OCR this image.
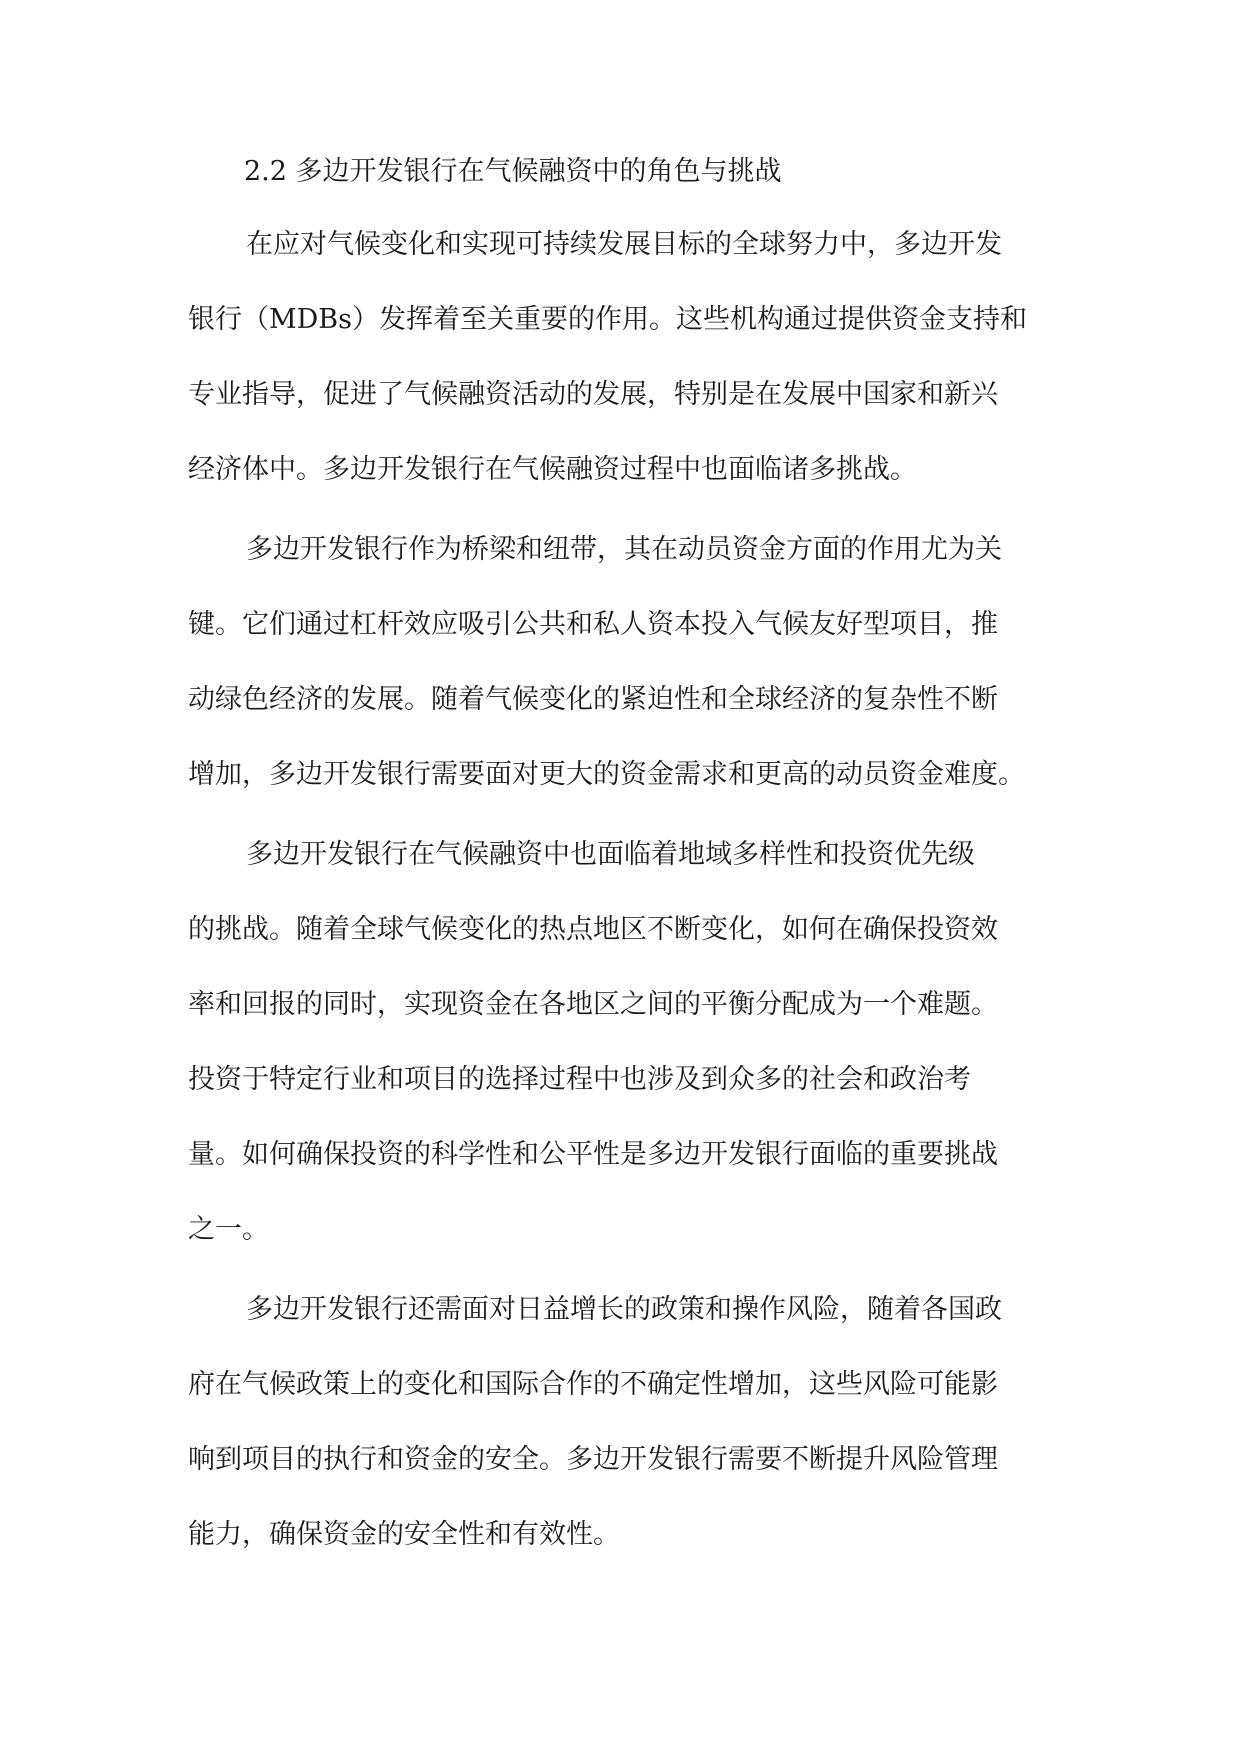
2.2 多边开发银行在气候融资中的角色与挑战
在应对气候变化和实现可持续发展目标的全球努力中，多边开发
银行（MDBs）发挥着至关重要的作用。这些机构通过提供资金支持和
专业指导，促进了气候融资活动的发展，特别是在发展中国家和新兴
经济体中。多边开发银行在气候融资过程中也面临诸多挑战。
多边开发银行作为桥梁和纽带，其在动员资金方面的作用尤为关
键。它们通过杠杆效应吸引公共和私人资本投入气候友好型项目，推
动绿色经济的发展。随着气候变化的紧迫性和全球经济的复杂性不断
增加，多边开发银行需要面对更大的资金需求和更高的动员资金难度。
多边开发银行在气候融资中也面临着地域多样性和投资优先级
的挑战。随着全球气候变化的热点地区不断变化，如何在确保投资效
率和回报的同时，实现资金在各地区之间的平衡分配成为一个难题。
投资于特定行业和项目的选择过程中也涉及到众多的社会和政治考
量。如何确保投资的科学性和公平性是多边开发银行面临的重要挑战
之一。
多边开发银行还需面对日益增长的政策和操作风险，随着各国政
府在气候政策上的变化和国际合作的不确定性增加，这些风险可能影
响到项目的执行和资金的安全。多边开发银行需要不断提升风险管理
能力，确保资金的安全性和有效性。
